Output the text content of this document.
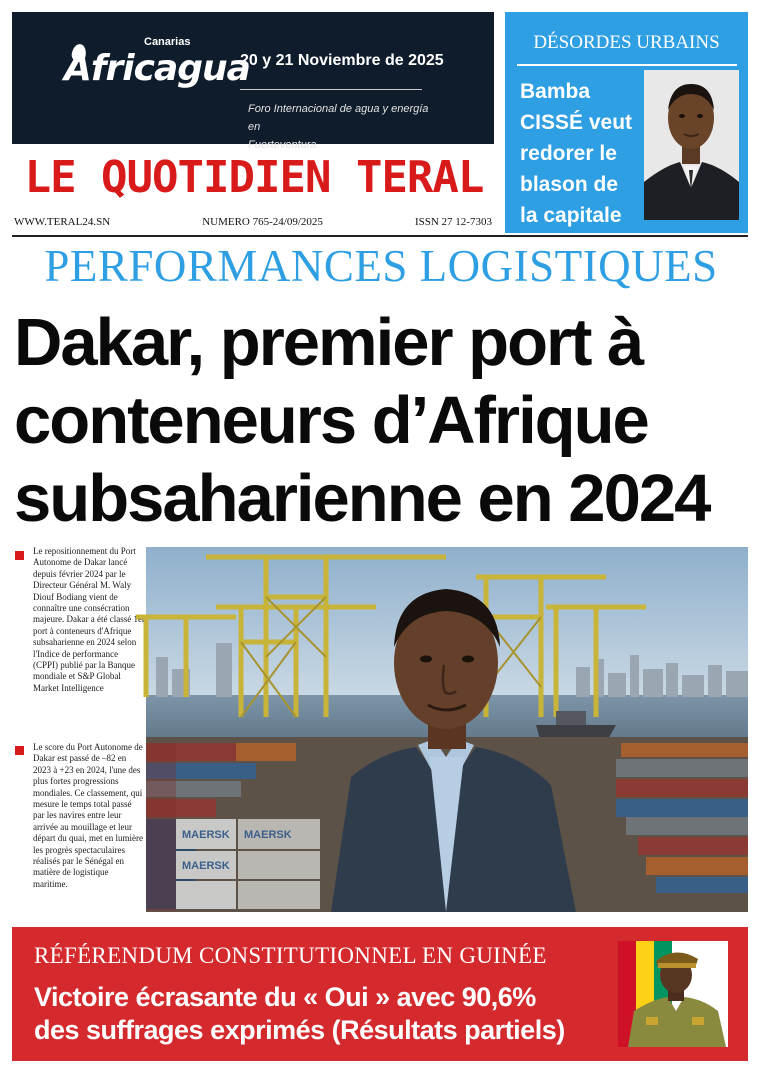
Canarias
Africagua
20 y 21 Noviembre de 2025
Foro Internacional de agua y energía en
Fuerteventura
LE QUOTIDIEN TERAL
WWW.TERAL24.SN	NUMERO 765-24/09/2025	ISSN 27 12-7303
DÉSORDES URBAINS
Bamba CISSÉ veut redorer le blason de la capitale
PERFORMANCES LOGISTIQUES
Dakar, premier port à
conteneurs d’Afrique
subsaharienne en 2024
Le repositionnement du Port Autonome de Dakar lancé depuis février 2024 par le Directeur Général M. Waly Diouf Bodiang vient de connaître une consécration majeure. Dakar a été classé 1er port à conteneurs d'Afrique subsaharienne en 2024 selon l'Indice de performance (CPPI) publié par la Banque mondiale et S&P Global Market Intelligence
Le score du Port Autonome de Dakar est passé de –82 en 2023 à +23 en 2024, l'une des plus fortes progressions mondiales. Ce classement, qui mesure le temps total passé par les navires entre leur arrivée au mouillage et leur départ du quai, met en lumière les progrès spectaculaires réalisés par le Sénégal en matière de logistique maritime.
MAERSK
MAERSK
MAERSK
RÉFÉRENDUM CONSTITUTIONNEL EN GUINÉE
Victoire écrasante du « Oui » avec 90,6%
des suffrages exprimés (Résultats partiels)
